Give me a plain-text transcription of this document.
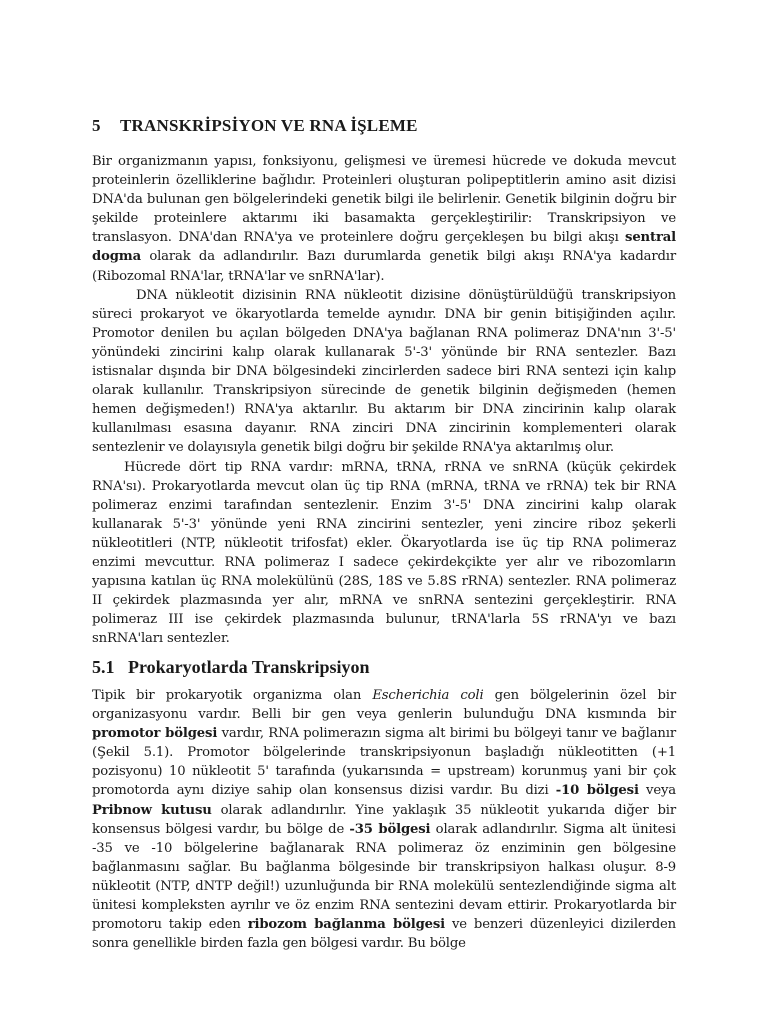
5 TRANSKRİPSİYON VE RNA İŞLEME

Bir organizmanın yapısı, fonksiyonu, gelişmesi ve üremesi hücrede ve dokuda mevcut proteinlerin özelliklerine bağlıdır. Proteinleri oluşturan polipeptitlerin amino asit dizisi DNA'da bulunan gen bölgelerindeki genetik bilgi ile belirlenir. Genetik bilginin doğru bir şekilde proteinlere aktarımı iki basamakta gerçekleştirilir: Transkripsiyon ve translasyon. DNA'dan RNA'ya ve proteinlere doğru gerçekleşen bu bilgi akışı sentral dogma olarak da adlandırılır. Bazı durumlarda genetik bilgi akışı RNA'ya kadardır (Ribozomal RNA'lar, tRNA'lar ve snRNA'lar).

DNA nükleotit dizisinin RNA nükleotit dizisine dönüştürüldüğü transkripsiyon süreci prokaryot ve ökaryotlarda temelde aynıdır. DNA bir genin bitişiğinden açılır. Promotor denilen bu açılan bölgeden DNA'ya bağlanan RNA polimeraz DNA'nın 3'-5' yönündeki zincirini kalıp olarak kullanarak 5'-3' yönünde bir RNA sentezler. Bazı istisnalar dışında bir DNA bölgesindeki zincirlerden sadece biri RNA sentezi için kalıp olarak kullanılır. Transkripsiyon sürecinde de genetik bilginin değişmeden (hemen hemen değişmeden!) RNA'ya aktarılır. Bu aktarım bir DNA zincirinin kalıp olarak kullanılması esasına dayanır. RNA zinciri DNA zincirinin komplementeri olarak sentezlenir ve dolayısıyla genetik bilgi doğru bir şekilde RNA'ya aktarılmış olur.

Hücrede dört tip RNA vardır: mRNA, tRNA, rRNA ve snRNA (küçük çekirdek RNA'sı). Prokaryotlarda mevcut olan üç tip RNA (mRNA, tRNA ve rRNA) tek bir RNA polimeraz enzimi tarafından sentezlenir. Enzim 3'-5' DNA zincirini kalıp olarak kullanarak 5'-3' yönünde yeni RNA zincirini sentezler, yeni zincire riboz şekerli nükleotitleri (NTP, nükleotit trifosfat) ekler. Ökaryotlarda ise üç tip RNA polimeraz enzimi mevcuttur. RNA polimeraz I sadece çekirdekçikte yer alır ve ribozomların yapısına katılan üç RNA molekülünü (28S, 18S ve 5.8S rRNA) sentezler. RNA polimeraz II çekirdek plazmasında yer alır, mRNA ve snRNA sentezini gerçekleştirir. RNA polimeraz III ise çekirdek plazmasında bulunur, tRNA'larla 5S rRNA'yı ve bazı snRNA'ları sentezler.

5.1 Prokaryotlarda Transkripsiyon

Tipik bir prokaryotik organizma olan Escherichia coli gen bölgelerinin özel bir organizasyonu vardır. Belli bir gen veya genlerin bulunduğu DNA kısmında bir promotor bölgesi vardır, RNA polimerazın sigma alt birimi bu bölgeyi tanır ve bağlanır (Şekil 5.1). Promotor bölgelerinde transkripsiyonun başladığı nükleotitten (+1 pozisyonu) 10 nükleotit 5' tarafında (yukarısında = upstream) korunmuş yani bir çok promotorda aynı diziye sahip olan konsensus dizisi vardır. Bu dizi -10 bölgesi veya Pribnow kutusu olarak adlandırılır. Yine yaklaşık 35 nükleotit yukarıda diğer bir konsensus bölgesi vardır, bu bölge de -35 bölgesi olarak adlandırılır. Sigma alt ünitesi -35 ve -10 bölgelerine bağlanarak RNA polimeraz öz enziminin gen bölgesine bağlanmasını sağlar. Bu bağlanma bölgesinde bir transkripsiyon halkası oluşur. 8-9 nükleotit (NTP, dNTP değil!) uzunluğunda bir RNA molekülü sentezlendiğinde sigma alt ünitesi kompleksten ayrılır ve öz enzim RNA sentezini devam ettirir. Prokaryotlarda bir promotoru takip eden ribozom bağlanma bölgesi ve benzeri düzenleyici dizilerden sonra genellikle birden fazla gen bölgesi vardır. Bu bölge
